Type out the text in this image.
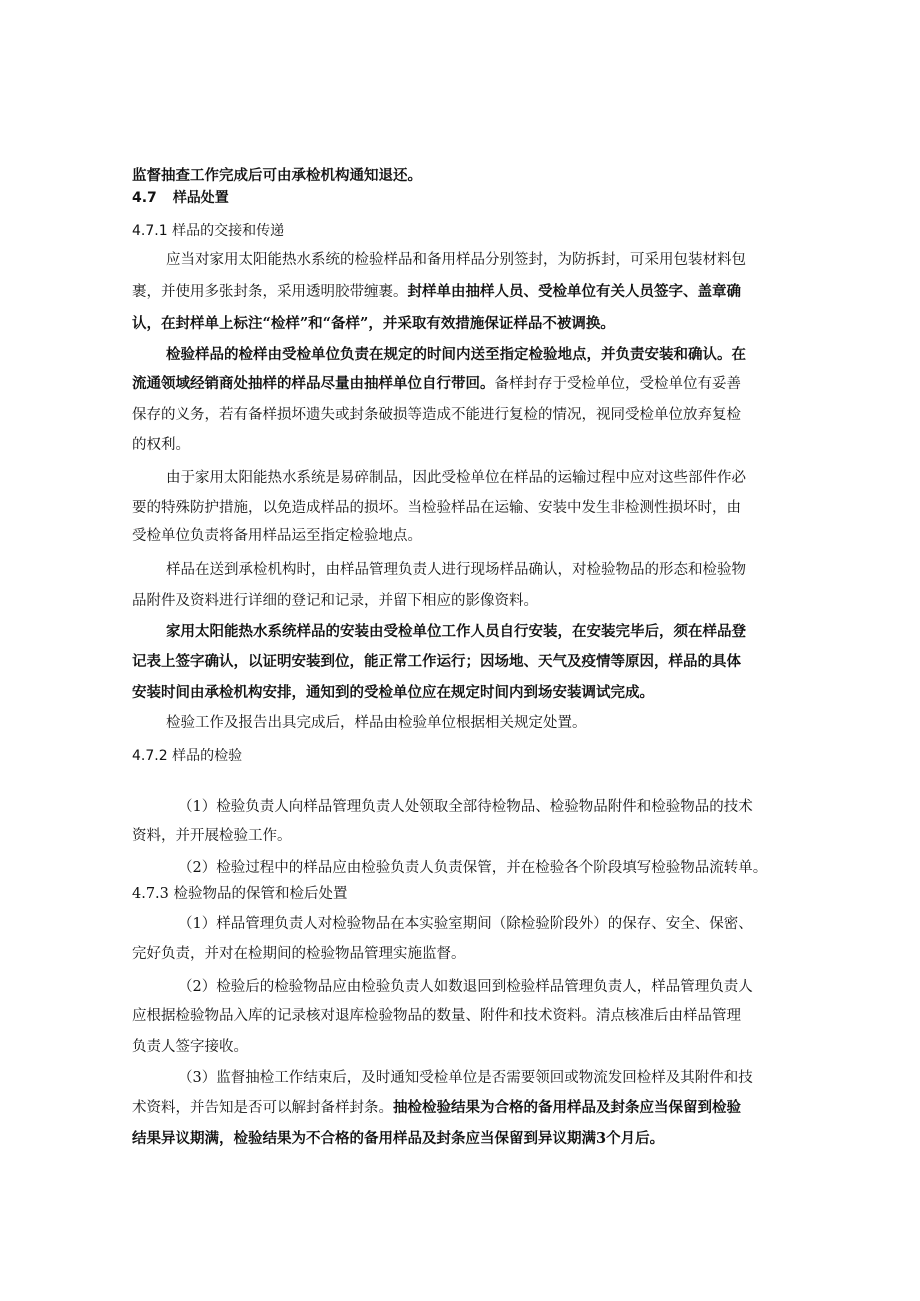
监督抽查工作完成后可由承检机构通知退还。
4.7 样品处置
4.7.1 样品的交接和传递
应当对家用太阳能热水系统的检验样品和备用样品分别签封，为防拆封，可采用包装材料包
裹，并使用多张封条，采用透明胶带缠裹。封样单由抽样人员、受检单位有关人员签字、盖章确
认，在封样单上标注“检样”和“备样”，并采取有效措施保证样品不被调换。
检验样品的检样由受检单位负责在规定的时间内送至指定检验地点，并负责安装和确认。在
流通领域经销商处抽样的样品尽量由抽样单位自行带回。备样封存于受检单位，受检单位有妥善
保存的义务，若有备样损坏遗失或封条破损等造成不能进行复检的情况，视同受检单位放弃复检
的权利。
由于家用太阳能热水系统是易碎制品，因此受检单位在样品的运输过程中应对这些部件作必
要的特殊防护措施，以免造成样品的损坏。当检验样品在运输、安装中发生非检测性损坏时，由
受检单位负责将备用样品运至指定检验地点。
样品在送到承检机构时，由样品管理负责人进行现场样品确认，对检验物品的形态和检验物
品附件及资料进行详细的登记和记录，并留下相应的影像资料。
家用太阳能热水系统样品的安装由受检单位工作人员自行安装，在安装完毕后，须在样品登
记表上签字确认，以证明安装到位，能正常工作运行；因场地、天气及疫情等原因，样品的具体
安装时间由承检机构安排，通知到的受检单位应在规定时间内到场安装调试完成。
检验工作及报告出具完成后，样品由检验单位根据相关规定处置。
4.7.2 样品的检验
（1）检验负责人向样品管理负责人处领取全部待检物品、检验物品附件和检验物品的技术
资料，并开展检验工作。
（2）检验过程中的样品应由检验负责人负责保管，并在检验各个阶段填写检验物品流转单。
4.7.3 检验物品的保管和检后处置
（1）样品管理负责人对检验物品在本实验室期间（除检验阶段外）的保存、安全、保密、
完好负责，并对在检期间的检验物品管理实施监督。
（2）检验后的检验物品应由检验负责人如数退回到检验样品管理负责人，样品管理负责人
应根据检验物品入库的记录核对退库检验物品的数量、附件和技术资料。清点核准后由样品管理
负责人签字接收。
（3）监督抽检工作结束后，及时通知受检单位是否需要领回或物流发回检样及其附件和技
术资料，并告知是否可以解封备样封条。抽检检验结果为合格的备用样品及封条应当保留到检验
结果异议期满，检验结果为不合格的备用样品及封条应当保留到异议期满3个月后。
